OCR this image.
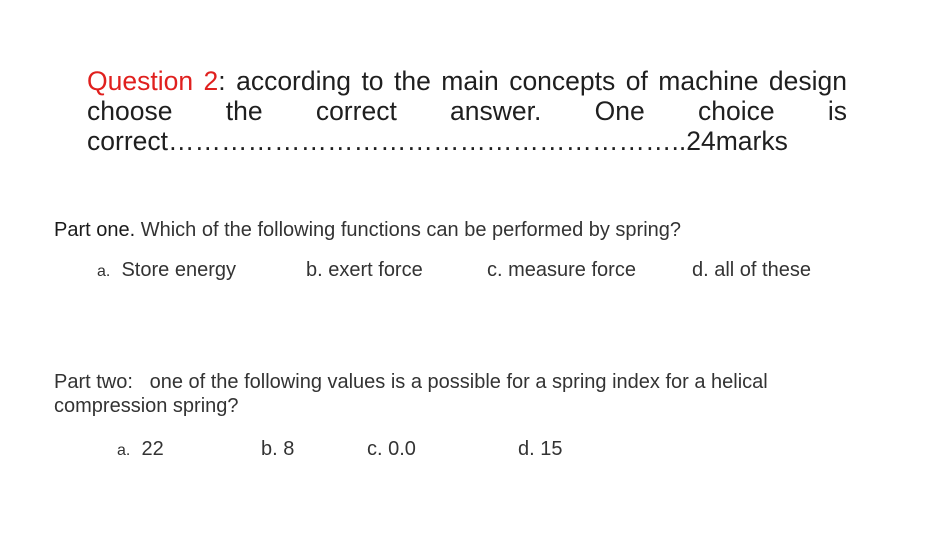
Question 2: according to the main concepts of machine design choose the correct answer. One choice is correct…………………………………………………..24marks
Part one. Which of the following functions can be performed by spring?
a. Store energy	b. exert force	c. measure force	d. all of these
Part two:   one of the following values is a possible for a spring index for a helical compression spring?
a. 22	b. 8	c. 0.0	d. 15
